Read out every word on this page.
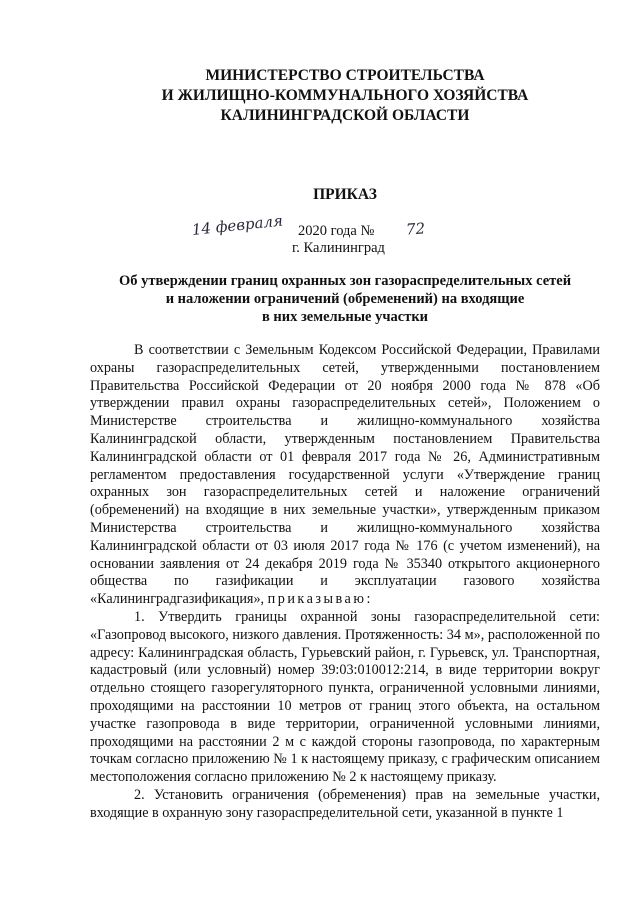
МИНИСТЕРСТВО СТРОИТЕЛЬСТВА
И ЖИЛИЩНО-КОММУНАЛЬНОГО ХОЗЯЙСТВА
КАЛИНИНГРАДСКОЙ ОБЛАСТИ
ПРИКАЗ
14 февраля 2020 года № 72
г. Калининград
Об утверждении границ охранных зон газораспределительных сетей
и наложении ограничений (обременений) на входящие
в них земельные участки

В соответствии с Земельным Кодексом Российской Федерации, Правилами охраны газораспределительных сетей, утвержденными постановлением Правительства Российской Федерации от 20 ноября 2000 года № 878 «Об утверждении правил охраны газораспределительных сетей», Положением о Министерстве строительства и жилищно-коммунального хозяйства Калининградской области, утвержденным постановлением Правительства Калининградской области от 01 февраля 2017 года № 26, Административным регламентом предоставления государственной услуги «Утверждение границ охранных зон газораспределительных сетей и наложение ограничений (обременений) на входящие в них земельные участки», утвержденным приказом Министерства строительства и жилищно-коммунального хозяйства Калининградской области от 03 июля 2017 года № 176 (с учетом изменений), на основании заявления от 24 декабря 2019 года № 35340 открытого акционерного общества по газификации и эксплуатации газового хозяйства «Калининградгазификация», приказываю:

1. Утвердить границы охранной зоны газораспределительной сети: «Газопровод высокого, низкого давления. Протяженность: 34 м», расположенной по адресу: Калининградская область, Гурьевский район, г. Гурьевск, ул. Транспортная, кадастровый (или условный) номер 39:03:010012:214, в виде территории вокруг отдельно стоящего газорегуляторного пункта, ограниченной условными линиями, проходящими на расстоянии 10 метров от границ этого объекта, на остальном участке газопровода в виде территории, ограниченной условными линиями, проходящими на расстоянии 2 м с каждой стороны газопровода, по характерным точкам согласно приложению № 1 к настоящему приказу, с графическим описанием местоположения согласно приложению № 2 к настоящему приказу.

2. Установить ограничения (обременения) прав на земельные участки, входящие в охранную зону газораспределительной сети, указанной в пункте 1
